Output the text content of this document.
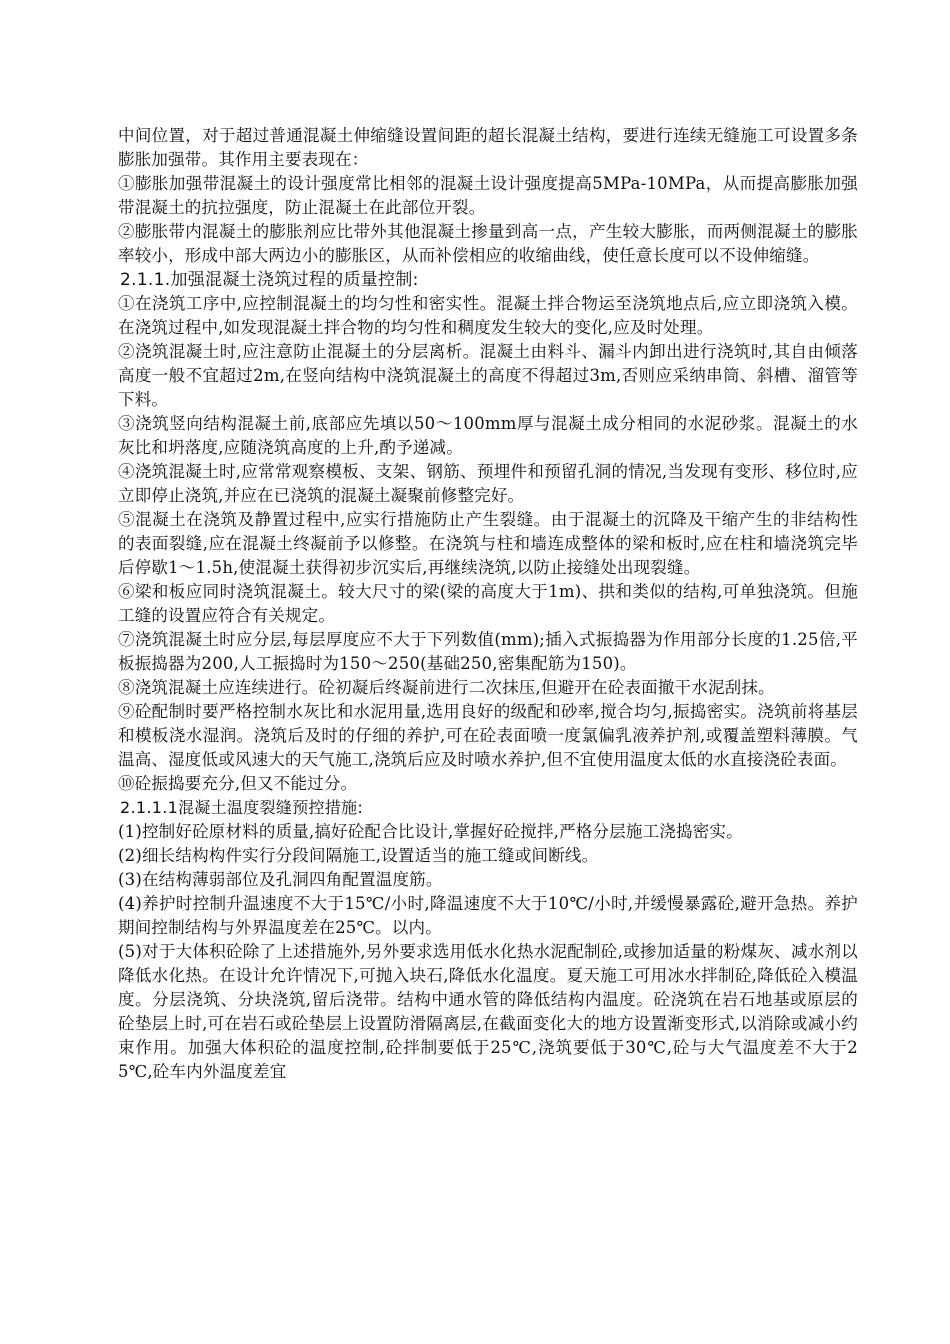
中间位置，对于超过普通混凝土伸缩缝设置间距的超长混凝土结构，要进行连续无缝施工可设置多条膨胀加强带。其作用主要表现在：

①膨胀加强带混凝土的设计强度常比相邻的混凝土设计强度提高5MPa-10MPa，从而提高膨胀加强带混凝土的抗拉强度，防止混凝土在此部位开裂。

②膨胀带内混凝土的膨胀剂应比带外其他混凝土掺量到高一点，产生较大膨胀，而两侧混凝土的膨胀率较小，形成中部大两边小的膨胀区，从而补偿相应的收缩曲线，使任意长度可以不设伸缩缝。

2.1.1.加强混凝土浇筑过程的质量控制:

①在浇筑工序中,应控制混凝土的均匀性和密实性。混凝土拌合物运至浇筑地点后,应立即浇筑入模。在浇筑过程中,如发现混凝土拌合物的均匀性和稠度发生较大的变化,应及时处理。

②浇筑混凝土时,应注意防止混凝土的分层离析。混凝土由料斗、漏斗内卸出进行浇筑时,其自由倾落高度一般不宜超过2m,在竖向结构中浇筑混凝土的高度不得超过3m,否则应采纳串筒、斜槽、溜管等下料。

③浇筑竖向结构混凝土前,底部应先填以50～100mm厚与混凝土成分相同的水泥砂浆。混凝土的水灰比和坍落度,应随浇筑高度的上升,酌予递减。

④浇筑混凝土时,应常常观察模板、支架、钢筋、预埋件和预留孔洞的情况,当发现有变形、移位时,应立即停止浇筑,并应在已浇筑的混凝土凝聚前修整完好。

⑤混凝土在浇筑及静置过程中,应实行措施防止产生裂缝。由于混凝土的沉降及干缩产生的非结构性的表面裂缝,应在混凝土终凝前予以修整。在浇筑与柱和墙连成整体的梁和板时,应在柱和墙浇筑完毕后停歇1～1.5h,使混凝土获得初步沉实后,再继续浇筑,以防止接缝处出现裂缝。

⑥梁和板应同时浇筑混凝土。较大尺寸的梁(梁的高度大于1m)、拱和类似的结构,可单独浇筑。但施工缝的设置应符合有关规定。

⑦浇筑混凝土时应分层,每层厚度应不大于下列数值(mm);插入式振捣器为作用部分长度的1.25倍,平板振捣器为200,人工振捣时为150～250(基础250,密集配筋为150)。

⑧浇筑混凝土应连续进行。砼初凝后终凝前进行二次抹压,但避开在砼表面撤干水泥刮抹。

⑨砼配制时要严格控制水灰比和水泥用量,选用良好的级配和砂率,搅合均匀,振捣密实。浇筑前将基层和模板浇水湿润。浇筑后及时的仔细的养护,可在砼表面喷一度氯偏乳液养护剂,或覆盖塑料薄膜。气温高、湿度低或风速大的天气施工,浇筑后应及时喷水养护,但不宜使用温度太低的水直接浇砼表面。

⑩砼振捣要充分,但又不能过分。

2.1.1.1混凝土温度裂缝预控措施:

(1)控制好砼原材料的质量,搞好砼配合比设计,掌握好砼搅拌,严格分层施工浇捣密实。

(2)细长结构构件实行分段间隔施工,设置适当的施工缝或间断线。

(3)在结构薄弱部位及孔洞四角配置温度筋。

(4)养护时控制升温速度不大于15℃/小时,降温速度不大于10℃/小时,并缓慢暴露砼,避开急热。养护期间控制结构与外界温度差在25℃。以内。

(5)对于大体积砼除了上述措施外,另外要求选用低水化热水泥配制砼,或掺加适量的粉煤灰、减水剂以降低水化热。在设计允许情况下,可抛入块石,降低水化温度。夏天施工可用冰水拌制砼,降低砼入模温度。分层浇筑、分块浇筑,留后浇带。结构中通水管的降低结构内温度。砼浇筑在岩石地基或原层的砼垫层上时,可在岩石或砼垫层上设置防滑隔离层,在截面变化大的地方设置渐变形式,以消除或减小约束作用。加强大体积砼的温度控制,砼拌制要低于25℃,浇筑要低于30℃,砼与大气温度差不大于25℃,砼车内外温度差宜
